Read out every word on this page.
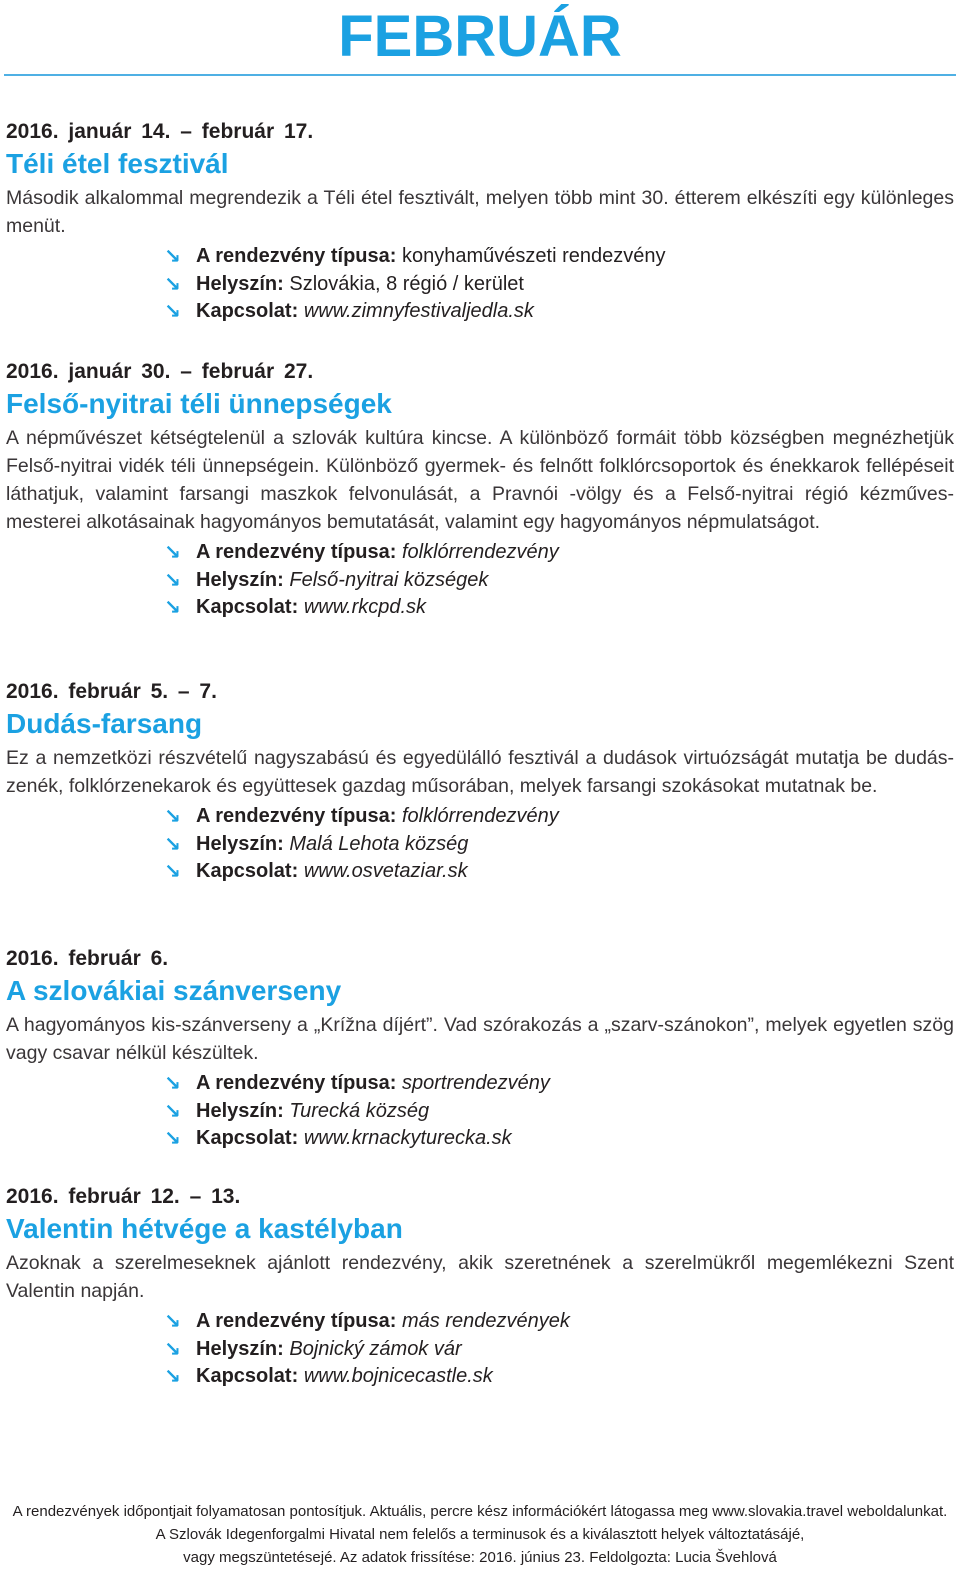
FEBRUÁR
2016. január 14. – február 17.
Téli étel fesztivál

Második alkalommal megrendezik a Téli étel fesztivált, melyen több mint 30. étterem elkészíti egy különleges menüt.

↘ A rendezvény típusa: konyhaművészeti rendezvény
↘ Helyszín: Szlovákia, 8 régió / kerület
↘ Kapcsolat: www.zimnyfestivaljedla.sk
2016. január 30. – február 27.
Felső-nyitrai téli ünnepségek

A népművészet kétségtelenül a szlovák kultúra kincse. A különböző formáit több községben megnézhetjük Felső-nyitrai vidék téli ünnepségein. Különböző gyermek- és felnőtt folklórcsoportok és énekkarok fellépéseit láthatjuk, valamint farsangi maszkok felvonulását, a Pravnói -völgy és a Felső-nyitrai régió kézműves-mesterei alkotásainak hagyományos bemutatását, valamint egy hagyományos népmulatságot.

↘ A rendezvény típusa: folklórrendezvény
↘ Helyszín: Felső-nyitrai községek
↘ Kapcsolat: www.rkcpd.sk
2016. február 5. – 7.
Dudás-farsang

Ez a nemzetközi részvételű nagyszabású és egyedülálló fesztivál a dudások virtuózságát mutatja be dudás-zenék, folklórzenekarok és együttesek gazdag műsorában, melyek farsangi szokásokat mutatnak be.

↘ A rendezvény típusa: folklórrendezvény
↘ Helyszín: Malá Lehota község
↘ Kapcsolat: www.osvetaziar.sk
2016. február 6.
A szlovákiai szánverseny

A hagyományos kis-szánverseny a „Krížna díjért”. Vad szórakozás a „szarv-szánokon”, melyek egyetlen szög vagy csavar nélkül készültek.

↘ A rendezvény típusa: sportrendezvény
↘ Helyszín: Turecká község
↘ Kapcsolat: www.krnackyturecka.sk
2016. február 12. – 13.
Valentin hétvége a kastélyban

Azoknak a szerelmeseknek ajánlott rendezvény, akik szeretnének a szerelmükről megemlékezni Szent Valentin napján.

↘ A rendezvény típusa: más rendezvények
↘ Helyszín: Bojnický zámok vár
↘ Kapcsolat: www.bojnicecastle.sk
A rendezvények időpontjait folyamatosan pontosítjuk. Aktuális, percre kész információkért látogassa meg www.slovakia.travel weboldalunkat.
A Szlovák Idegenforgalmi Hivatal nem felelős a terminusok és a kiválasztott helyek változtatásájé,
vagy megszüntetésejé. Az adatok frissítése: 2016. június 23. Feldolgozta: Lucia Švehlová
